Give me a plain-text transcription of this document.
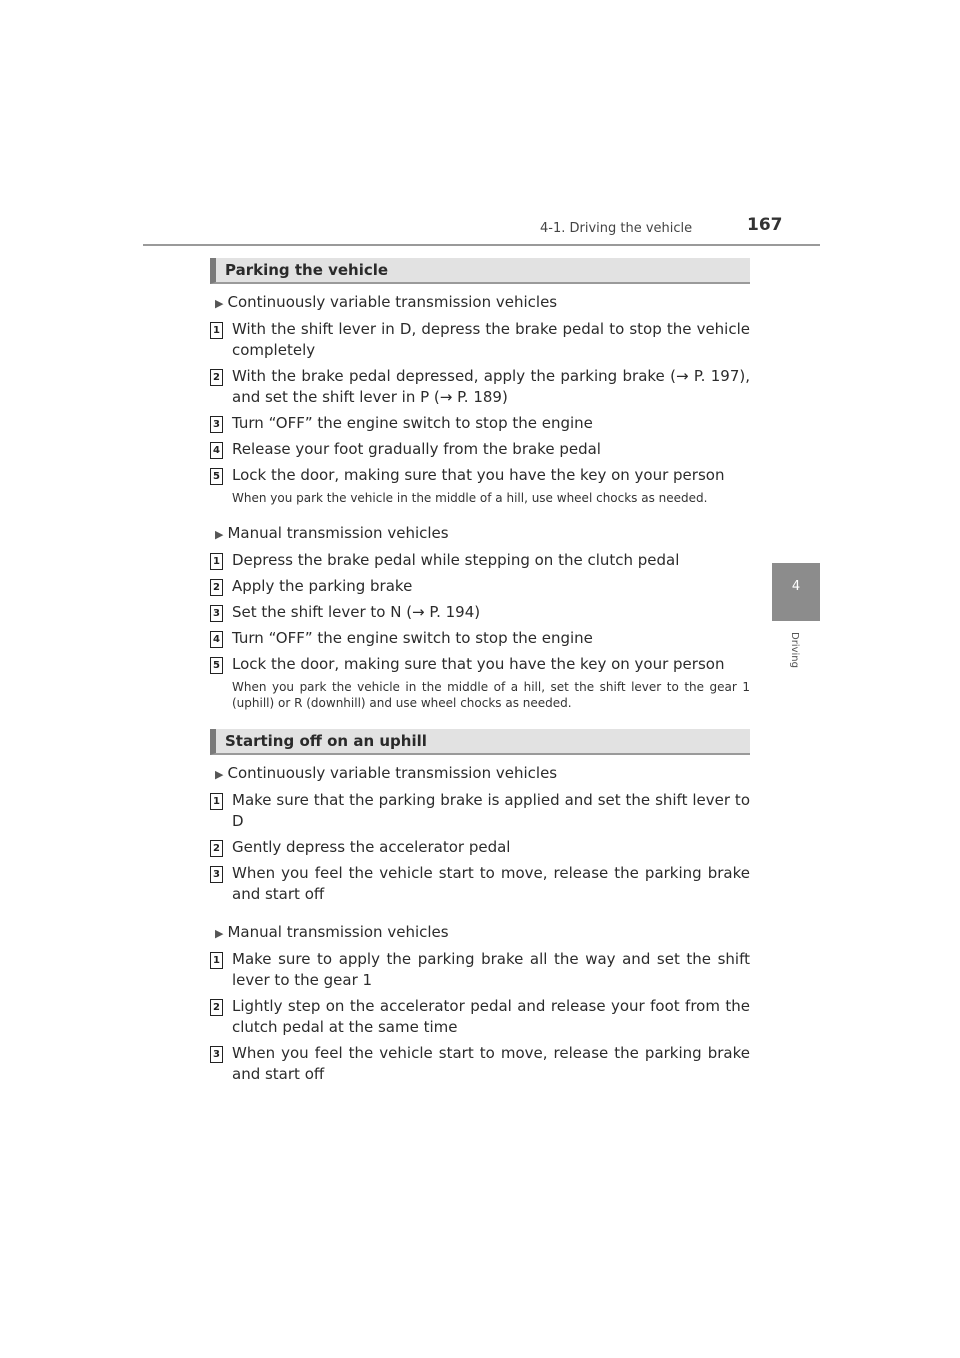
4-1. Driving the vehicle	167
4
Driving
Parking the vehicle
▶ Continuously variable transmission vehicles
1 With the shift lever in D, depress the brake pedal to stop the vehicle completely
2 With the brake pedal depressed, apply the parking brake (→ P. 197), and set the shift lever in P (→ P. 189)
3 Turn “OFF” the engine switch to stop the engine
4 Release your foot gradually from the brake pedal
5 Lock the door, making sure that you have the key on your person
When you park the vehicle in the middle of a hill, use wheel chocks as needed.
▶ Manual transmission vehicles
1 Depress the brake pedal while stepping on the clutch pedal
2 Apply the parking brake
3 Set the shift lever to N (→ P. 194)
4 Turn “OFF” the engine switch to stop the engine
5 Lock the door, making sure that you have the key on your person
When you park the vehicle in the middle of a hill, set the shift lever to the gear 1 (uphill) or R (downhill) and use wheel chocks as needed.
Starting off on an uphill
▶ Continuously variable transmission vehicles
1 Make sure that the parking brake is applied and set the shift lever to D
2 Gently depress the accelerator pedal
3 When you feel the vehicle start to move, release the parking brake and start off
▶ Manual transmission vehicles
1 Make sure to apply the parking brake all the way and set the shift lever to the gear 1
2 Lightly step on the accelerator pedal and release your foot from the clutch pedal at the same time
3 When you feel the vehicle start to move, release the parking brake and start off
